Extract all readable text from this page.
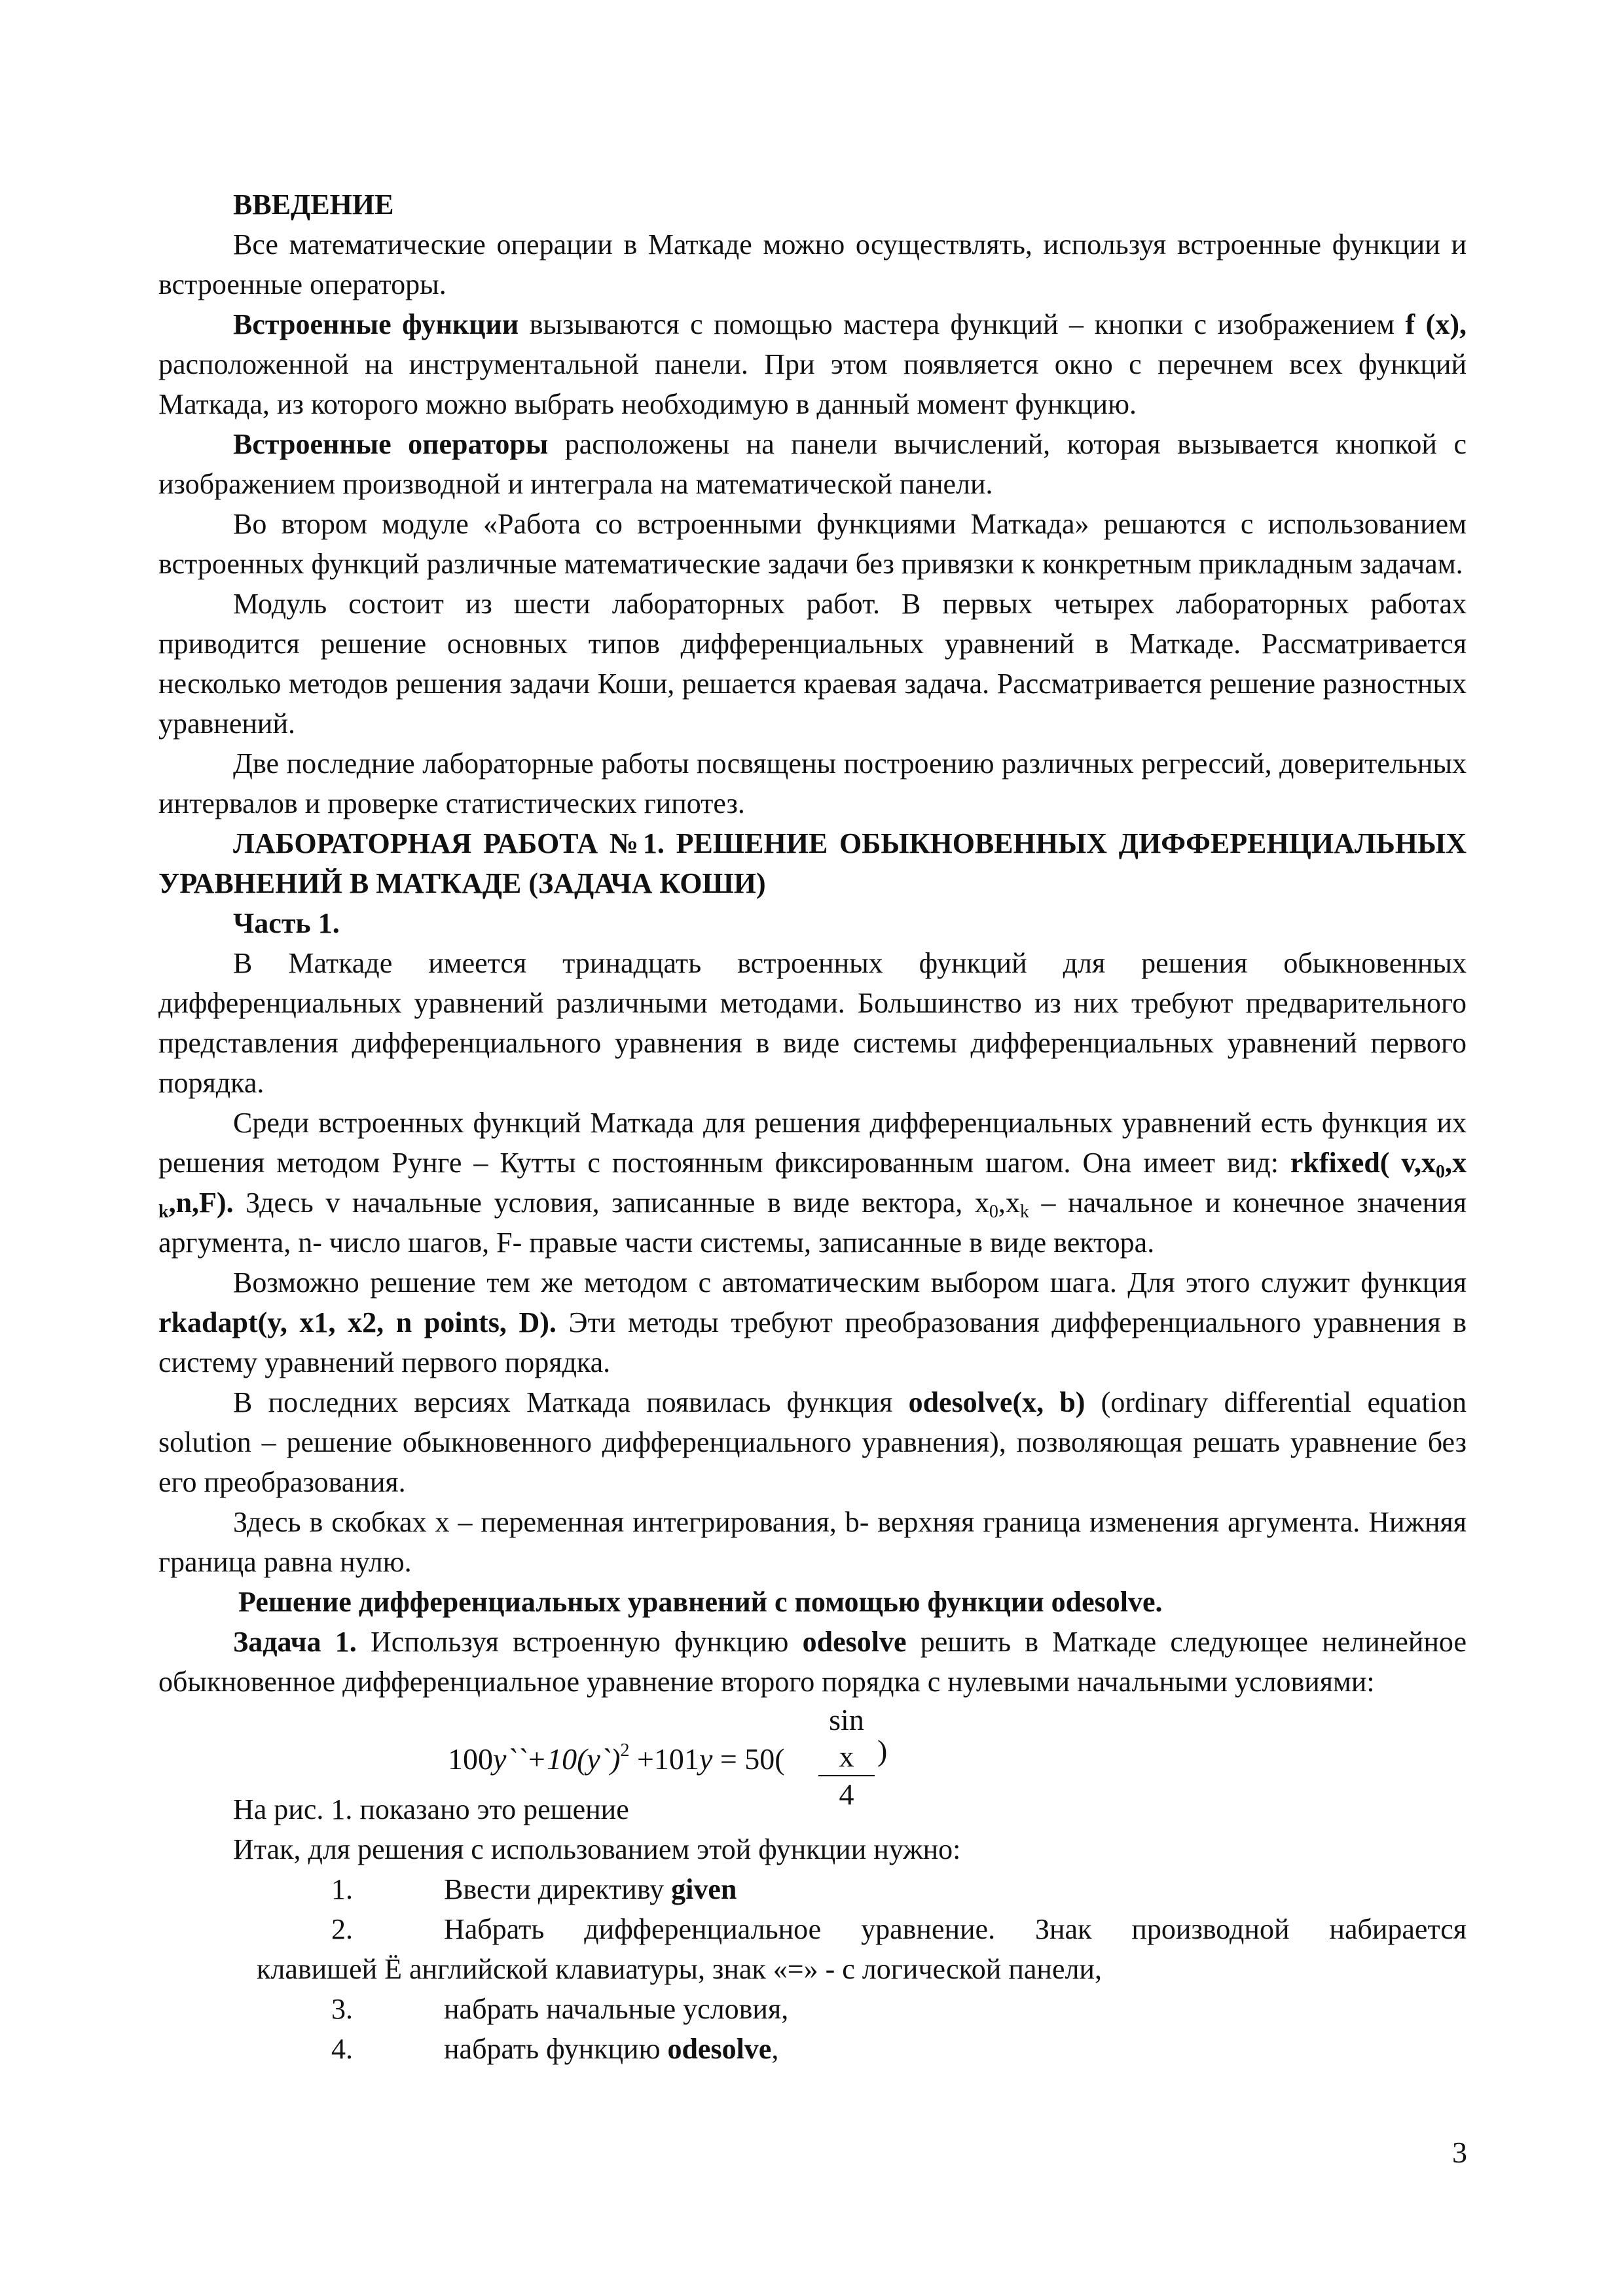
ВВЕДЕНИЕ

Все математические операции в Маткаде можно осуществлять, используя встроенные функции и встроенные операторы.

Встроенные функции вызываются с помощью мастера функций – кнопки с изображением f (x), расположенной на инструментальной панели. При этом появляется окно с перечнем всех функций Маткада, из которого можно выбрать необходимую в данный момент функцию.

Встроенные операторы расположены на панели вычислений, которая вызывается кнопкой с изображением производной и интеграла на математической панели.

Во втором модуле «Работа со встроенными функциями Маткада» решаются с использованием встроенных функций различные математические задачи без привязки к конкретным прикладным задачам.

Модуль состоит из шести лабораторных работ. В первых четырех лабораторных работах приводится решение основных типов дифференциальных уравнений в Маткаде. Рассматривается несколько методов решения задачи Коши, решается краевая задача. Рассматривается решение разностных уравнений.

Две последние лабораторные работы посвящены построению различных регрессий, доверительных интервалов и проверке статистических гипотез.

ЛАБОРАТОРНАЯ РАБОТА №1. РЕШЕНИЕ ОБЫКНОВЕННЫХ ДИФФЕРЕНЦИАЛЬНЫХ УРАВНЕНИЙ В МАТКАДЕ (ЗАДАЧА КОШИ)

Часть 1.

В Маткаде имеется тринадцать встроенных функций для решения обыкновенных дифференциальных уравнений различными методами. Большинство из них требуют предварительного представления дифференциального уравнения в виде системы дифференциальных уравнений первого порядка.

Среди встроенных функций Маткада для решения дифференциальных уравнений есть функция их решения методом Рунге – Кутты с постоянным фиксированным шагом. Она имеет вид: rkfixed( $v,x_0,x$ $_k$,n,F). Здесь v начальные условия, записанные в виде вектора, $x_0,x_k$ – начальное и конечное значения аргумента, n- число шагов, F- правые части системы, записанные в виде вектора.

Возможно решение тем же методом с автоматическим выбором шага. Для этого служит функция rkadapt(y, x1, x2, n points, D). Эти методы требуют преобразования дифференциального уравнения в систему уравнений первого порядка.

В последних версиях Маткада появилась функция odesolve(x, b) (ordinary differential equation solution – решение обыкновенного дифференциального уравнения), позволяющая решать уравнение без его преобразования.

Здесь в скобках x – переменная интегрирования, b- верхняя граница изменения аргумента. Нижняя граница равна нулю.

Решение дифференциальных уравнений с помощью функции odesolve.

Задача 1. Используя встроенную функцию odesolve решить в Маткаде следующее нелинейное обыкновенное дифференциальное уравнение второго порядка с нулевыми начальными условиями:

100y``+10(y`)$^2$ $+101y = 50( \frac{\text{sin x}}{4}$ )

На рис. 1. показано это решение

Итак, для решения с использованием этой функции нужно:

1.	Ввести директиву given
2.	Набрать дифференциальное уравнение. Знак производной набирается

клавишей Ё английской клавиатуры, знак «=» - с логической панели,

3.	набрать начальные условия,
4.	набрать функцию odesolve,
3
